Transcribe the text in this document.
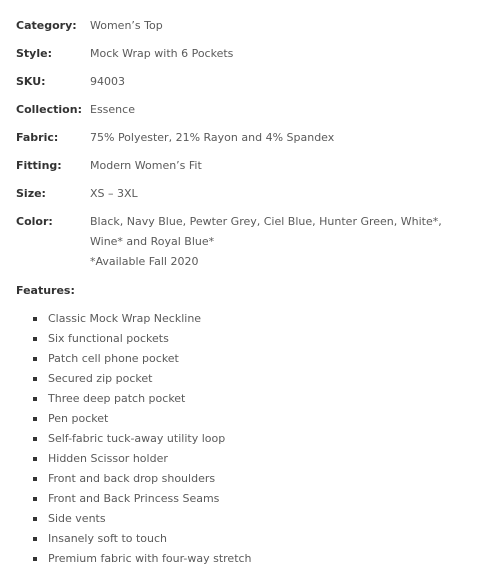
Category:	Women’s Top
Style:	Mock Wrap with 6 Pockets
SKU:	94003
Collection: Essence
Fabric:	75% Polyester, 21% Rayon and 4% Spandex
Fitting:	Modern Women’s Fit
Size:	XS – 3XL
Color:	Black, Navy Blue, Pewter Grey, Ciel Blue, Hunter Green, White*, Wine* and Royal Blue*
*Available Fall 2020
Features:
Classic Mock Wrap Neckline
Six functional pockets
Patch cell phone pocket
Secured zip pocket
Three deep patch pocket
Pen pocket
Self-fabric tuck-away utility loop
Hidden Scissor holder
Front and back drop shoulders
Front and Back Princess Seams
Side vents
Insanely soft to touch
Premium fabric with four-way stretch
